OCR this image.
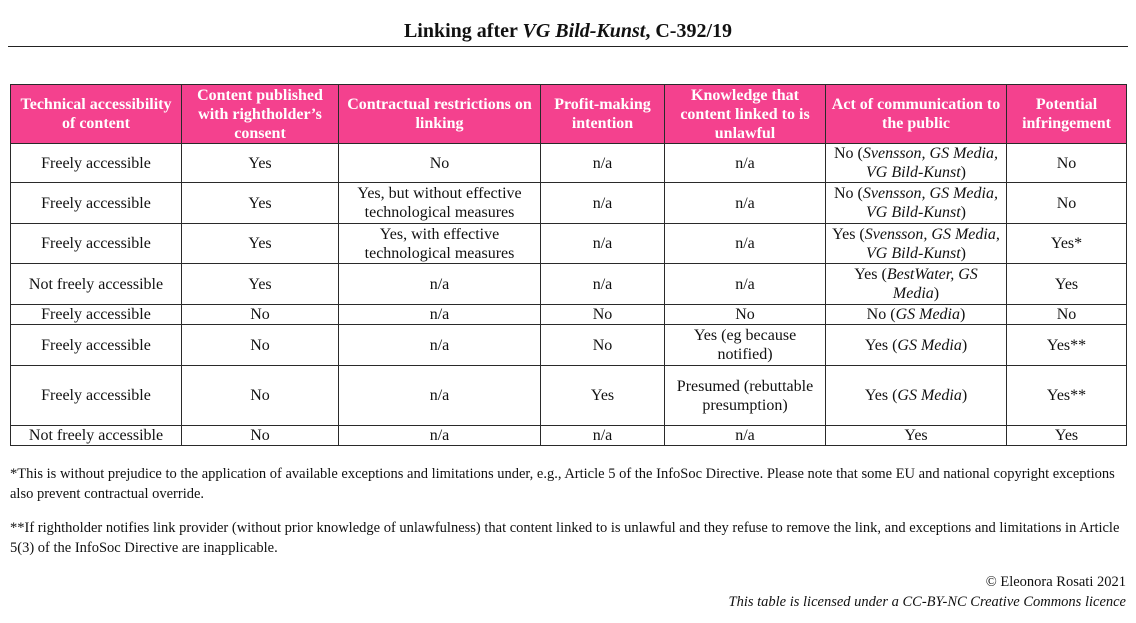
Linking after VG Bild-Kunst, C-392/19
Technical accessibility of content	Content published with rightholder’s consent	Contractual restrictions on linking	Profit-making intention	Knowledge that content linked to is unlawful	Act of communication to the public	Potential infringement
Freely accessible	Yes	No	n/a	n/a	No (Svensson, GS Media, VG Bild-Kunst)	No
Freely accessible	Yes	Yes, but without effective technological measures	n/a	n/a	No (Svensson, GS Media, VG Bild-Kunst)	No
Freely accessible	Yes	Yes, with effective technological measures	n/a	n/a	Yes (Svensson, GS Media, VG Bild-Kunst)	Yes*
Not freely accessible	Yes	n/a	n/a	n/a	Yes (BestWater, GS Media)	Yes
Freely accessible	No	n/a	No	No	No (GS Media)	No
Freely accessible	No	n/a	No	Yes (eg because notified)	Yes (GS Media)	Yes**
Freely accessible	No	n/a	Yes	Presumed (rebuttable presumption)	Yes (GS Media)	Yes**
Not freely accessible	No	n/a	n/a	n/a	Yes	Yes
*This is without prejudice to the application of available exceptions and limitations under, e.g., Article 5 of the InfoSoc Directive. Please note that some EU and national copyright exceptions also prevent contractual override.
**If rightholder notifies link provider (without prior knowledge of unlawfulness) that content linked to is unlawful and they refuse to remove the link, and exceptions and limitations in Article 5(3) of the InfoSoc Directive are inapplicable.
© Eleonora Rosati 2021
This table is licensed under a CC-BY-NC Creative Commons licence
